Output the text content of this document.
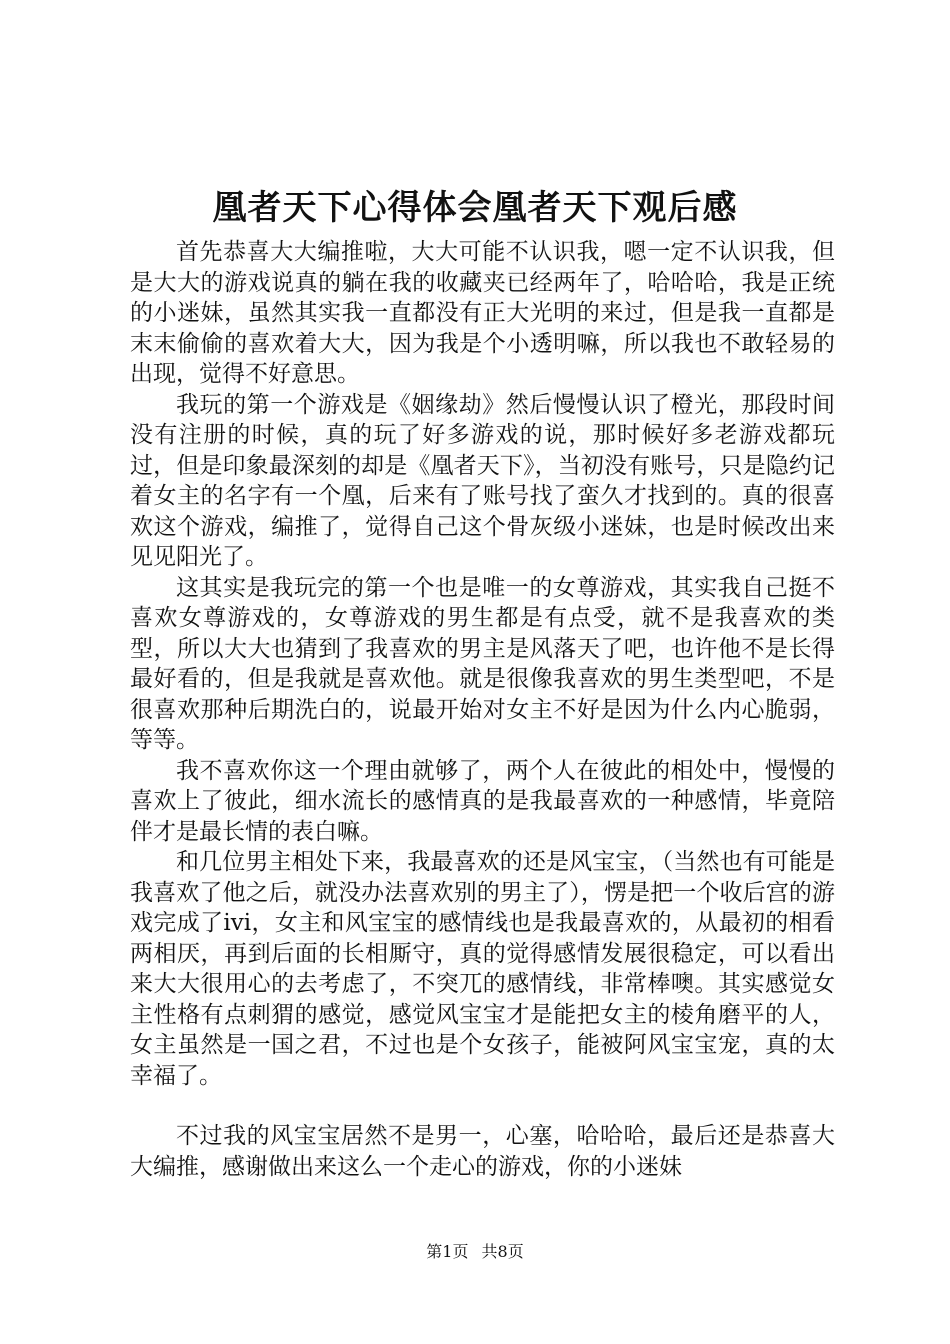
凰者天下心得体会凰者天下观后感

首先恭喜大大编推啦，大大可能不认识我，嗯一定不认识我，但是大大的游戏说真的躺在我的收藏夹已经两年了，哈哈哈，我是正统的小迷妹，虽然其实我一直都没有正大光明的来过，但是我一直都是末末偷偷的喜欢着大大，因为我是个小透明嘛，所以我也不敢轻易的出现，觉得不好意思。

我玩的第一个游戏是《姻缘劫》然后慢慢认识了橙光，那段时间没有注册的时候，真的玩了好多游戏的说，那时候好多老游戏都玩过，但是印象最深刻的却是《凰者天下》，当初没有账号，只是隐约记着女主的名字有一个凰，后来有了账号找了蛮久才找到的。真的很喜欢这个游戏，编推了，觉得自己这个骨灰级小迷妹，也是时候改出来见见阳光了。

这其实是我玩完的第一个也是唯一的女尊游戏，其实我自己挺不喜欢女尊游戏的，女尊游戏的男生都是有点受，就不是我喜欢的类型，所以大大也猜到了我喜欢的男主是风落天了吧，也许他不是长得最好看的，但是我就是喜欢他。就是很像我喜欢的男生类型吧，不是很喜欢那种后期洗白的，说最开始对女主不好是因为什么内心脆弱，等等。

我不喜欢你这一个理由就够了，两个人在彼此的相处中，慢慢的喜欢上了彼此，细水流长的感情真的是我最喜欢的一种感情，毕竟陪伴才是最长情的表白嘛。

和几位男主相处下来，我最喜欢的还是风宝宝，（当然也有可能是我喜欢了他之后，就没办法喜欢别的男主了），愣是把一个收后宫的游戏完成了ivi，女主和风宝宝的感情线也是我最喜欢的，从最初的相看两相厌，再到后面的长相厮守，真的觉得感情发展很稳定，可以看出来大大很用心的去考虑了，不突兀的感情线，非常棒噢。其实感觉女主性格有点刺猬的感觉，感觉风宝宝才是能把女主的棱角磨平的人，女主虽然是一国之君，不过也是个女孩子，能被阿风宝宝宠，真的太幸福了。

不过我的风宝宝居然不是男一，心塞，哈哈哈，最后还是恭喜大大编推，感谢做出来这么一个走心的游戏，你的小迷妹

第1页 共8页
